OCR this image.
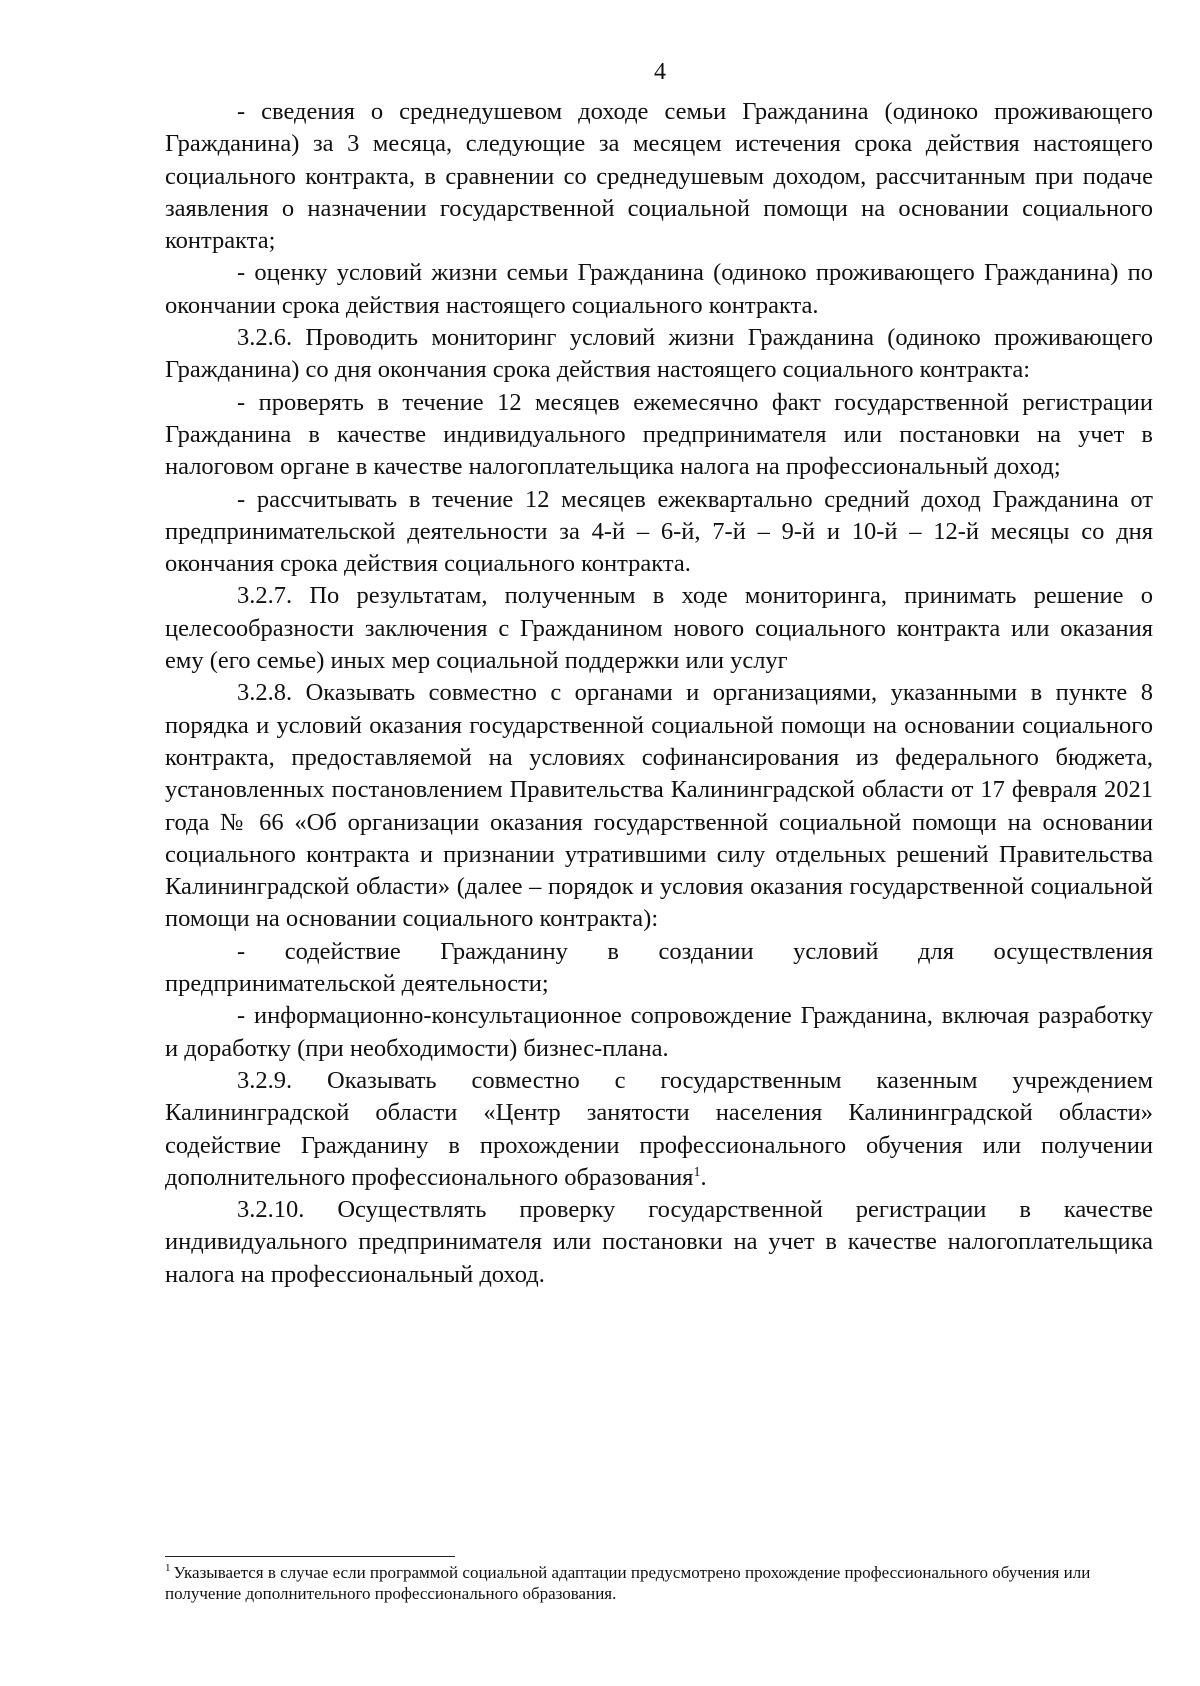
4

- сведения о среднедушевом доходе семьи Гражданина (одиноко проживающего Гражданина) за 3 месяца, следующие за месяцем истечения срока действия настоящего социального контракта, в сравнении со среднедушевым доходом, рассчитанным при подаче заявления о назначении государственной социальной помощи на основании социального контракта;

- оценку условий жизни семьи Гражданина (одиноко проживающего Гражданина) по окончании срока действия настоящего социального контракта.

3.2.6. Проводить мониторинг условий жизни Гражданина (одиноко проживающего Гражданина) со дня окончания срока действия настоящего социального контракта:

- проверять в течение 12 месяцев ежемесячно факт государственной регистрации Гражданина в качестве индивидуального предпринимателя или постановки на учет в налоговом органе в качестве налогоплательщика налога на профессиональный доход;

- рассчитывать в течение 12 месяцев ежеквартально средний доход Гражданина от предпринимательской деятельности за 4-й – 6-й, 7-й – 9-й и 10-й – 12-й месяцы со дня окончания срока действия социального контракта.

3.2.7. По результатам, полученным в ходе мониторинга, принимать решение о целесообразности заключения с Гражданином нового социального контракта или оказания ему (его семье) иных мер социальной поддержки или услуг

3.2.8. Оказывать совместно с органами и организациями, указанными в пункте 8 порядка и условий оказания государственной социальной помощи на основании социального контракта, предоставляемой на условиях софинансирования из федерального бюджета, установленных постановлением Правительства Калининградской области от 17 февраля 2021 года № 66 «Об организации оказания государственной социальной помощи на основании социального контракта и признании утратившими силу отдельных решений Правительства Калининградской области» (далее – порядок и условия оказания государственной социальной помощи на основании социального контракта):

- содействие Гражданину в создании условий для осуществления предпринимательской деятельности;

- информационно-консультационное сопровождение Гражданина, включая разработку и доработку (при необходимости) бизнес-плана.

3.2.9. Оказывать совместно с государственным казенным учреждением Калининградской области «Центр занятости населения Калининградской области» содействие Гражданину в прохождении профессионального обучения или получении дополнительного профессионального образования$^1$.

3.2.10. Осуществлять проверку государственной регистрации в качестве индивидуального предпринимателя или постановки на учет в качестве налогоплательщика налога на профессиональный доход.

$^1$ Указывается в случае если программой социальной адаптации предусмотрено прохождение профессионального обучения или получение дополнительного профессионального образования.
